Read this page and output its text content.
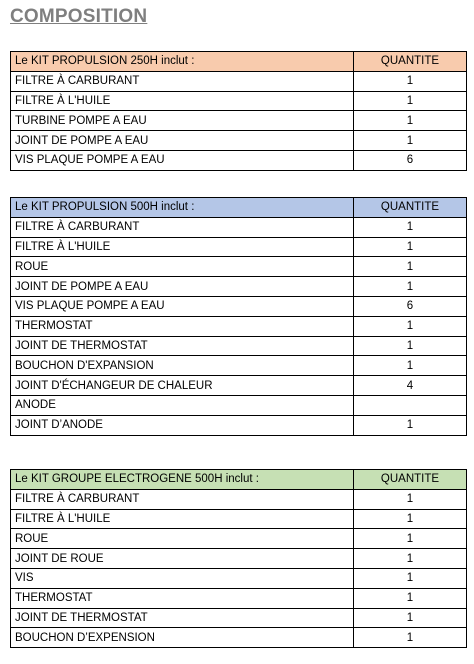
COMPOSITION
Le KIT PROPULSION 250H inclut :	QUANTITE
FILTRE À CARBURANT	1
FILTRE À L'HUILE	1
TURBINE POMPE A EAU	1
JOINT DE POMPE A EAU	1
VIS PLAQUE POMPE A EAU	6
Le KIT PROPULSION 500H inclut :	QUANTITE
FILTRE À CARBURANT	1
FILTRE À L'HUILE	1
ROUE	1
JOINT DE POMPE A EAU	1
VIS PLAQUE POMPE A EAU	6
THERMOSTAT	1
JOINT DE THERMOSTAT	1
BOUCHON D'EXPANSION	1
JOINT D'ÉCHANGEUR DE CHALEUR	4
ANODE	
JOINT D’ANODE	1
Le KIT GROUPE ELECTROGENE 500H inclut :	QUANTITE
FILTRE À CARBURANT	1
FILTRE À L'HUILE	1
ROUE	1
JOINT DE ROUE	1
VIS	1
THERMOSTAT	1
JOINT DE THERMOSTAT	1
BOUCHON D’EXPENSION	1
